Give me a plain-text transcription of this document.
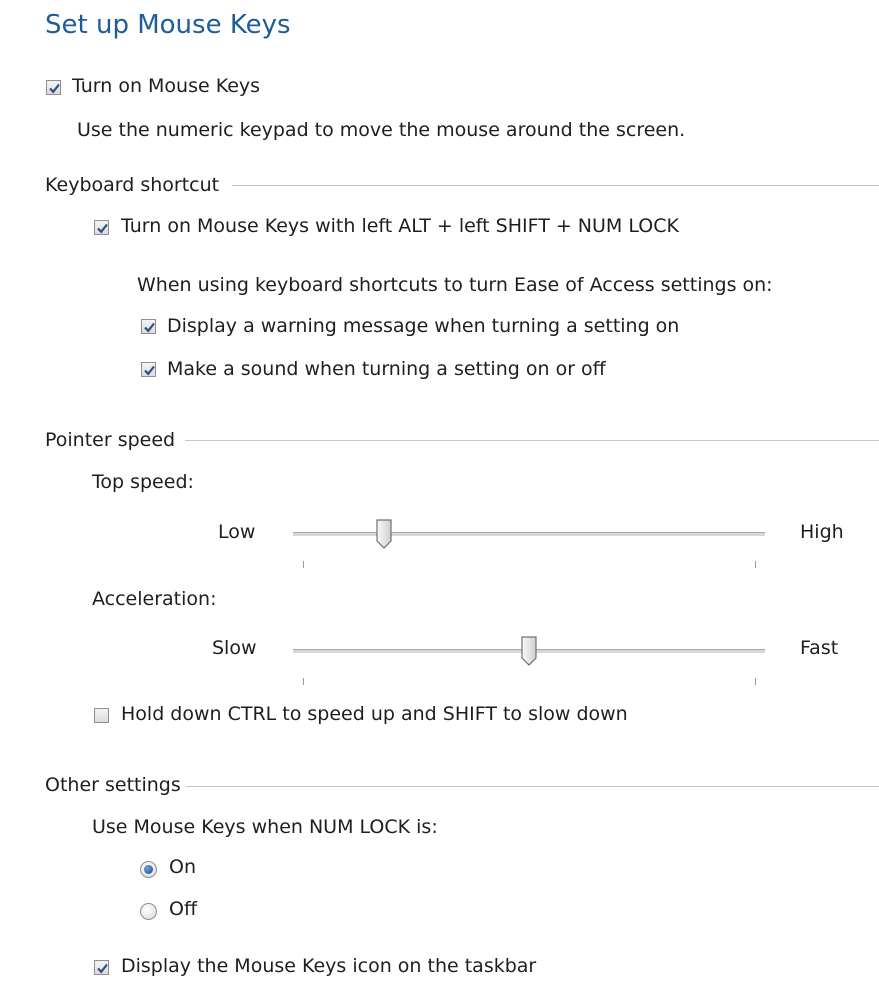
Set up Mouse Keys
Turn on Mouse Keys
Use the numeric keypad to move the mouse around the screen.
Keyboard shortcut
Turn on Mouse Keys with left ALT + left SHIFT + NUM LOCK
When using keyboard shortcuts to turn Ease of Access settings on:
Display a warning message when turning a setting on
Make a sound when turning a setting on or off
Pointer speed
Top speed:
Low	High
Acceleration:
Slow	Fast
Hold down CTRL to speed up and SHIFT to slow down
Other settings
Use Mouse Keys when NUM LOCK is:
On
Off
Display the Mouse Keys icon on the taskbar
